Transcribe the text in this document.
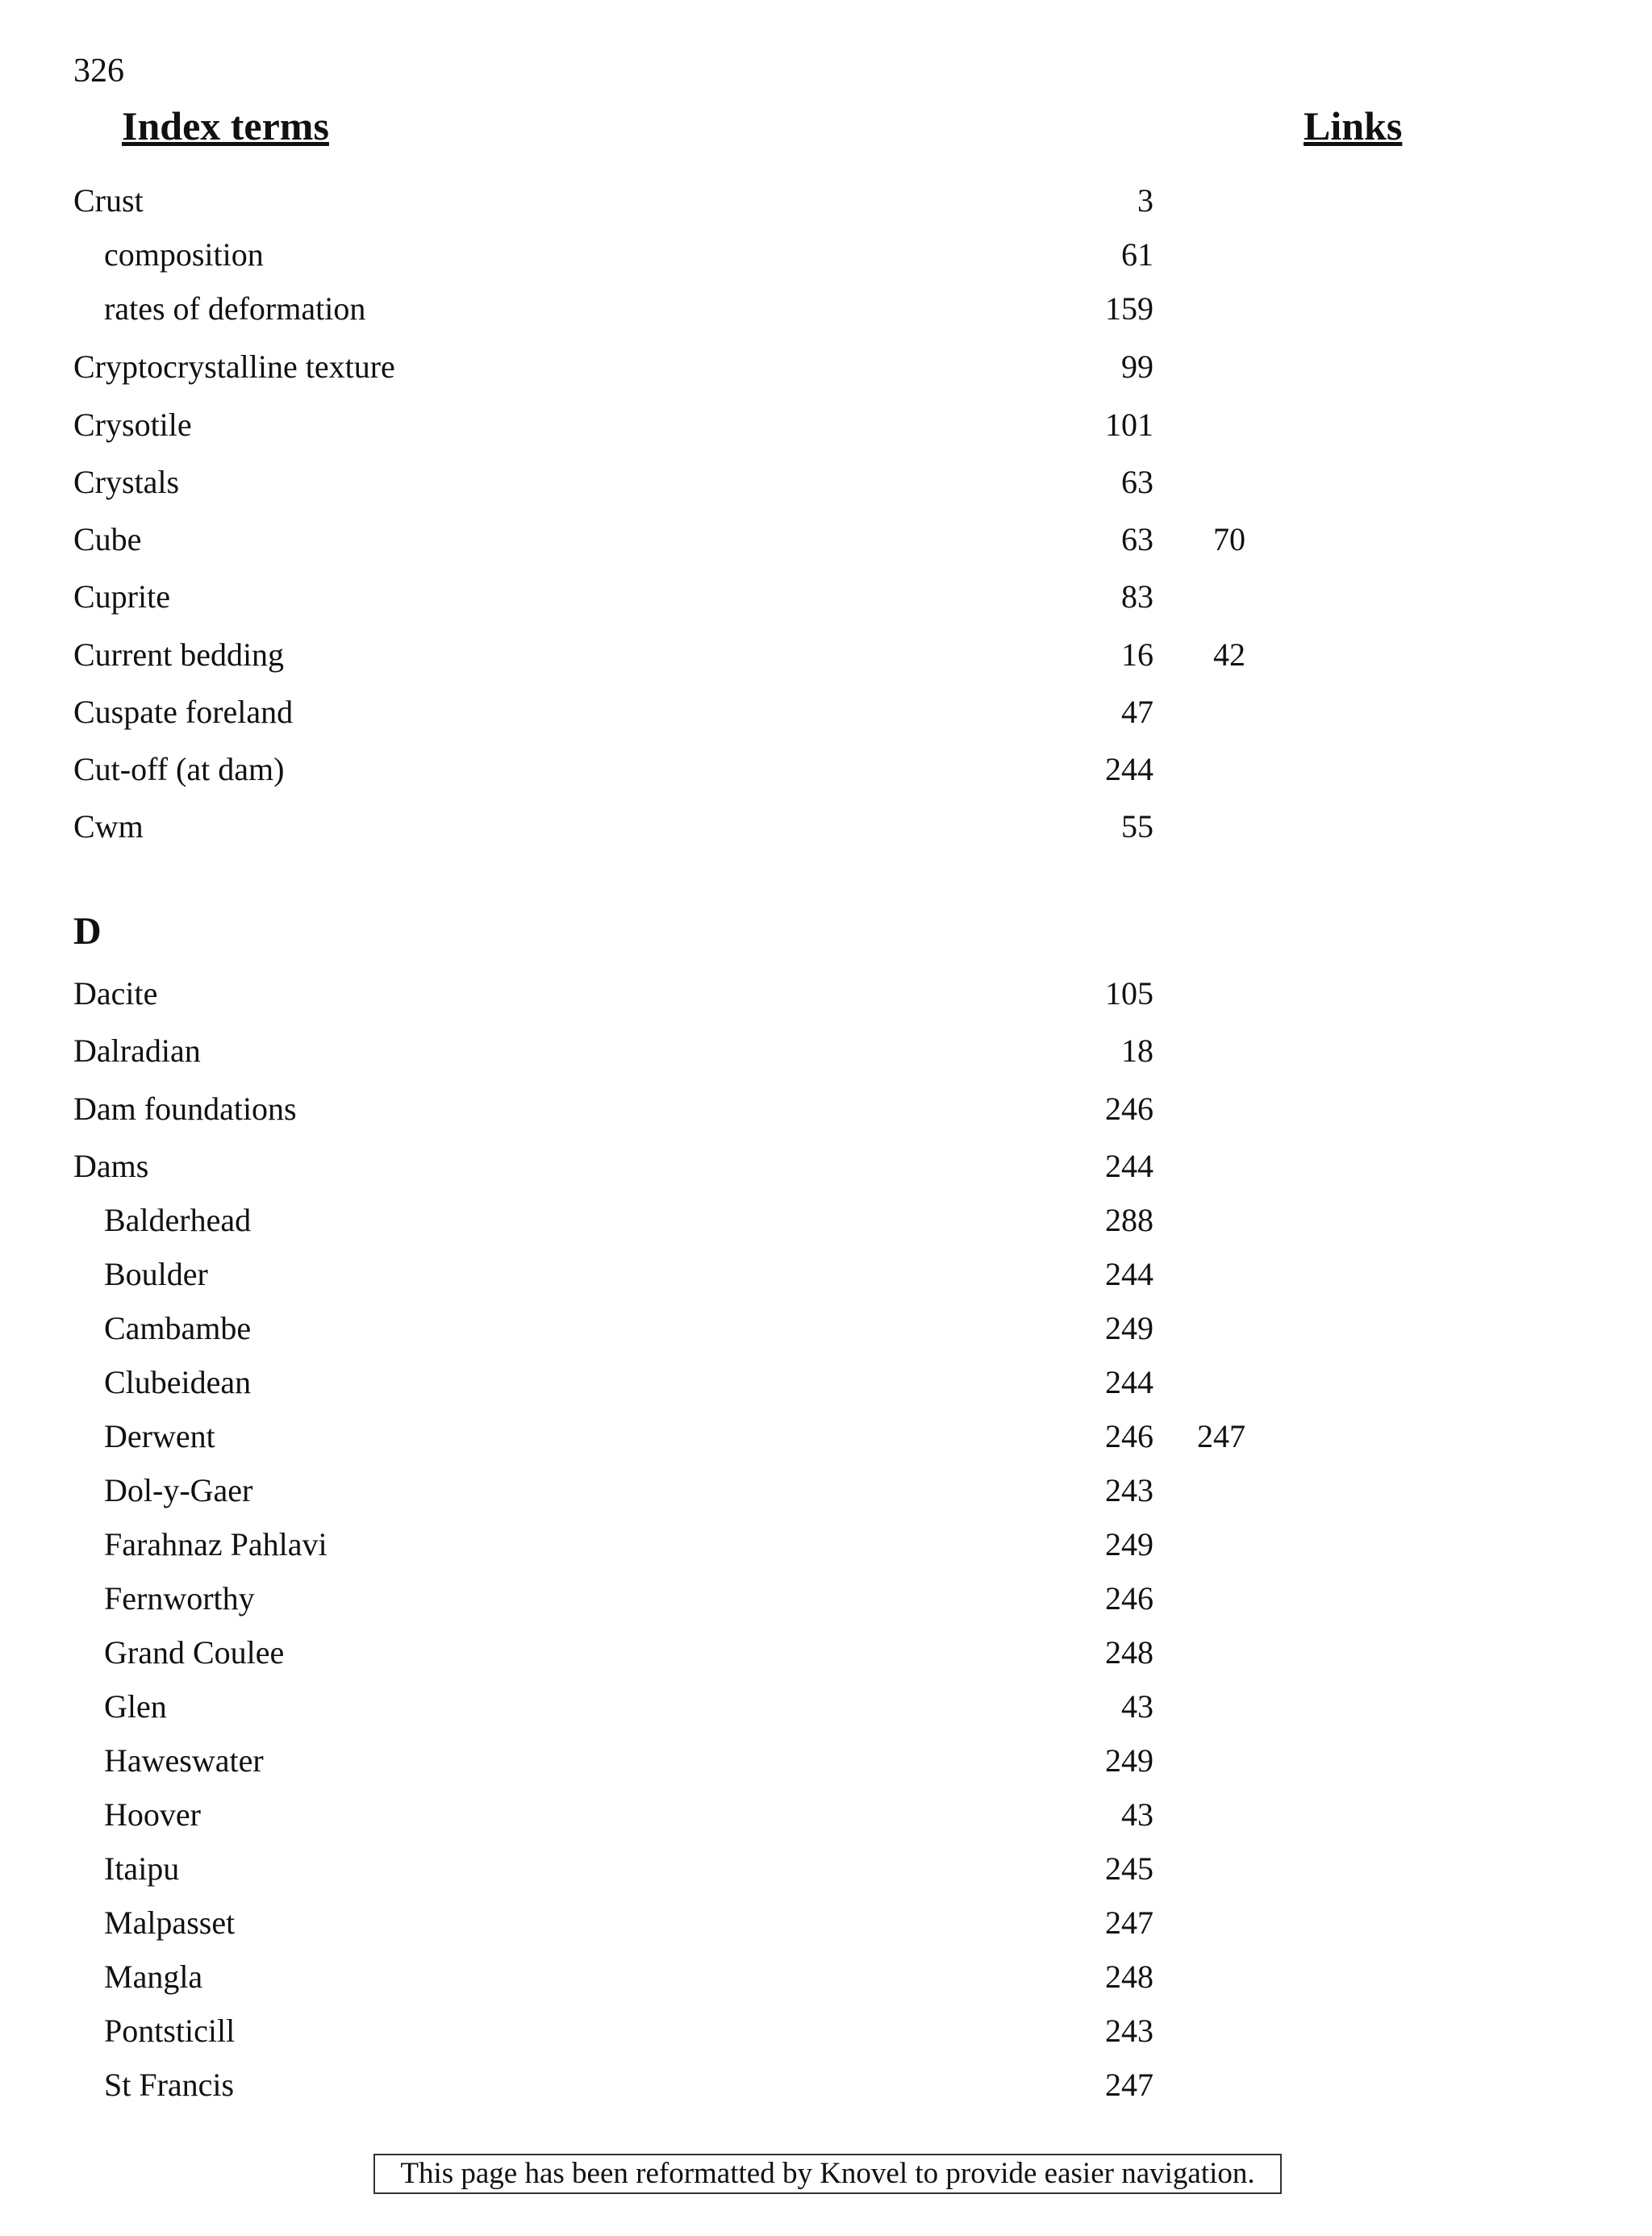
326
Index terms	Links
Crust	3
composition	61
rates of deformation	159
Cryptocrystalline texture	99
Crysotile	101
Crystals	63
Cube	63 70
Cuprite	83
Current bedding	16 42
Cuspate foreland	47
Cut-off (at dam)	244
Cwm	55
Dacite	105
Dalradian	18
Dam foundations	246
Dams	244
Balderhead	288
Boulder	244
Cambambe	249
Clubeidean	244
Derwent	246 247
Dol-y-Gaer	243
Farahnaz Pahlavi	249
Fernworthy	246
Grand Coulee	248
Glen	43
Haweswater	249
Hoover	43
Itaipu	245
Malpasset	247
Mangla	248
Pontsticill	243
St Francis	247
D
This page has been reformatted by Knovel to provide easier navigation.
